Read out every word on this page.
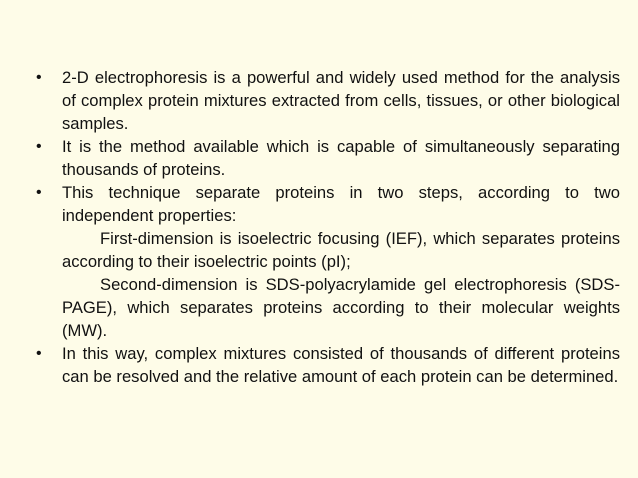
•	2-D electrophoresis is a powerful and widely used method for the analysis of complex protein mixtures extracted from cells, tissues, or other biological samples.
•	It is the method available which is capable of simultaneously separating thousands of proteins.
•	This technique separate proteins in two steps, according to two independent properties:
First-dimension is isoelectric focusing (IEF), which separates proteins according to their isoelectric points (pI);
Second-dimension is SDS-polyacrylamide gel electrophoresis (SDS-PAGE), which separates proteins according to their molecular weights (MW).
•	In this way, complex mixtures consisted of thousands of different proteins can be resolved and the relative amount of each protein can be determined.
